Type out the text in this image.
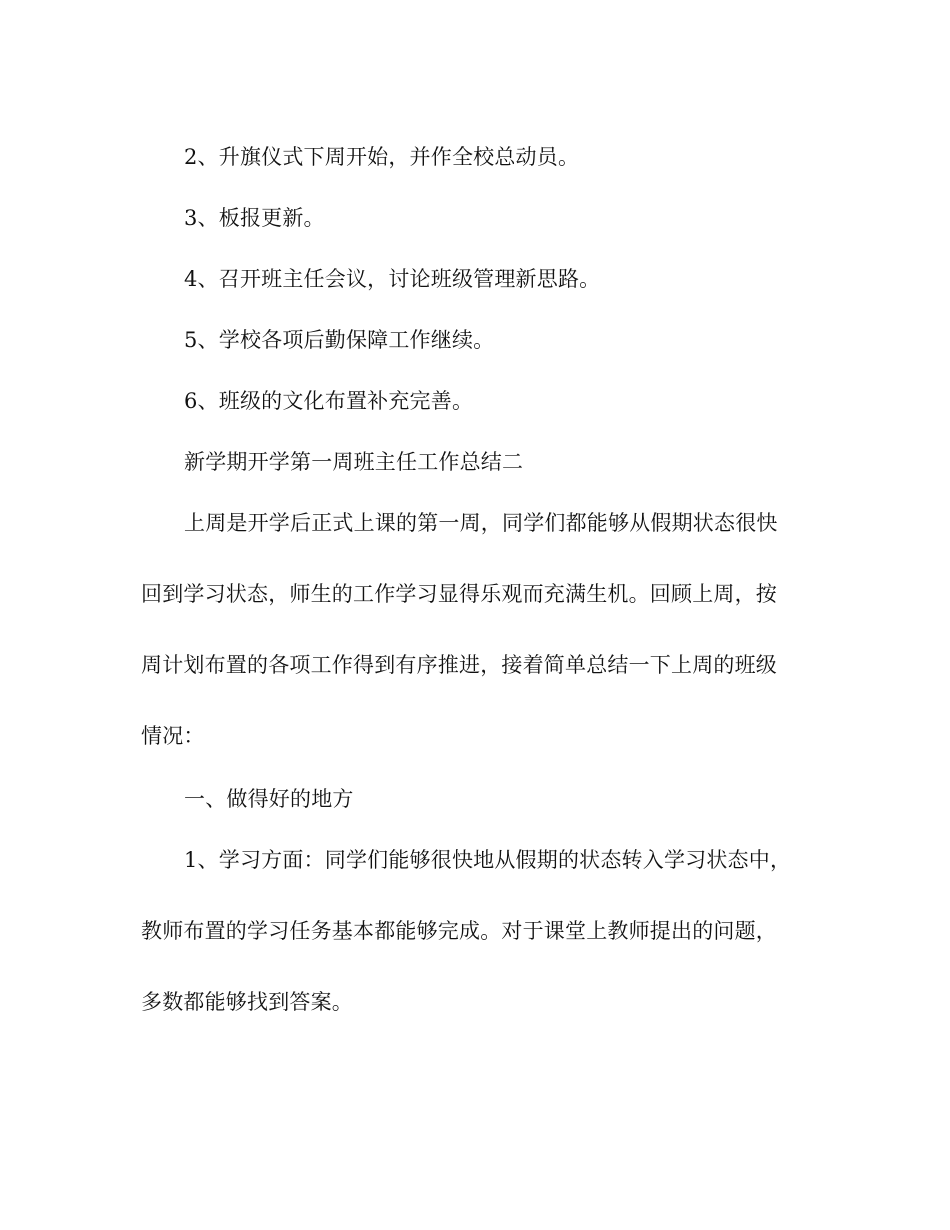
2、升旗仪式下周开始，并作全校总动员。
3、板报更新。
4、召开班主任会议，讨论班级管理新思路。
5、学校各项后勤保障工作继续。
6、班级的文化布置补充完善。
新学期开学第一周班主任工作总结二
上周是开学后正式上课的第一周，同学们都能够从假期状态很快
回到学习状态，师生的工作学习显得乐观而充满生机。回顾上周，按
周计划布置的各项工作得到有序推进，接着简单总结一下上周的班级
情况：
一、做得好的地方
1、学习方面：同学们能够很快地从假期的状态转入学习状态中，
教师布置的学习任务基本都能够完成。对于课堂上教师提出的问题，
多数都能够找到答案。
